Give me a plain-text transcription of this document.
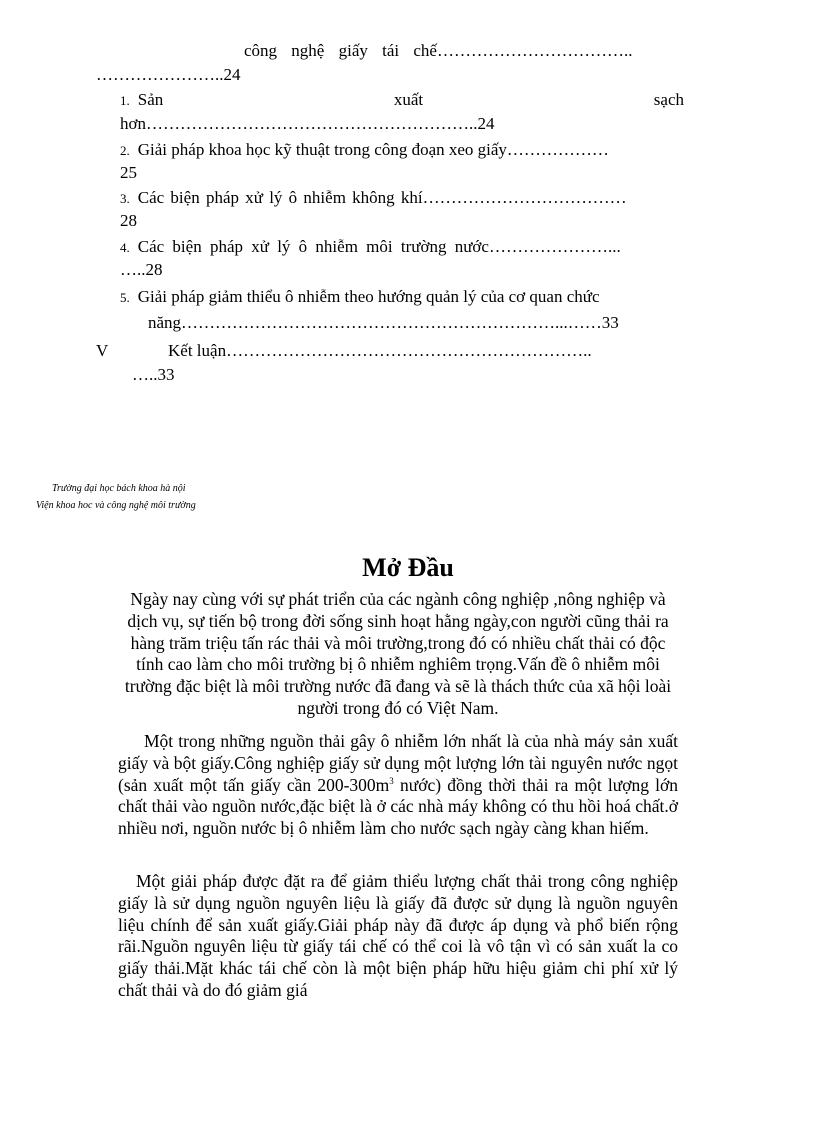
công nghệ giấy tái chế……………………………..
…………………..24
1. Sản	xuất	sạch
hơn…………………………………………………..24
2. Giải pháp khoa học kỹ thuật trong công đoạn xeo giấy………………
25
3. Các biện pháp xử lý ô nhiễm không khí………………………………
28
4. Các biện pháp xử lý ô nhiễm môi trường nước…………………...
…..28
5. Giải pháp giảm thiểu ô nhiễm theo hướng quản lý của cơ quan chức
năng…………………………………………………………...……33
V	Kết luận………………………………………………………..
…..33
Trường đại học bách khoa hà nội
Viện khoa hoc và công nghệ môi trường
Mở Đầu
Ngày nay cùng với sự phát triển của các ngành công nghiệp ,nông nghiệp và dịch vụ, sự tiến bộ trong đời sống sinh hoạt hằng ngày,con người cũng thải ra hàng trăm triệu tấn rác thải và môi trường,trong đó có nhiều chất thải có độc tính cao làm cho môi trường bị ô nhiễm nghiêm trọng.Vấn đề ô nhiễm môi trường đặc biệt là môi trường nước đã đang và sẽ là thách thức của xã hội loài người trong đó có Việt Nam.
Một trong những nguồn thải gây ô nhiễm lớn nhất là của nhà máy sản xuất giấy và bột giấy.Công nghiệp giấy sử dụng một lượng lớn tài nguyên nước ngọt (sản xuất một tấn giấy cần $200-300m^3$ nước) đồng thời thải ra một lượng lớn chất thải vào nguồn nước,đặc biệt là ở các nhà máy không có thu hồi hoá chất.ở nhiều nơi, nguồn nước bị ô nhiễm làm cho nước sạch ngày càng khan hiếm.
Một giải pháp được đặt ra để giảm thiểu lượng chất thải trong công nghiệp giấy là sử dụng nguồn nguyên liệu là giấy đã được sử dụng là nguồn nguyên liệu chính để sản xuất giấy.Giải pháp này đã được áp dụng và phổ biến rộng rãi.Nguồn nguyên liệu từ giấy tái chế có thể coi là vô tận vì có sản xuất la co giấy thải.Mặt khác tái chế còn là một biện pháp hữu hiệu giảm chi phí xử lý chất thải và do đó giảm giá
